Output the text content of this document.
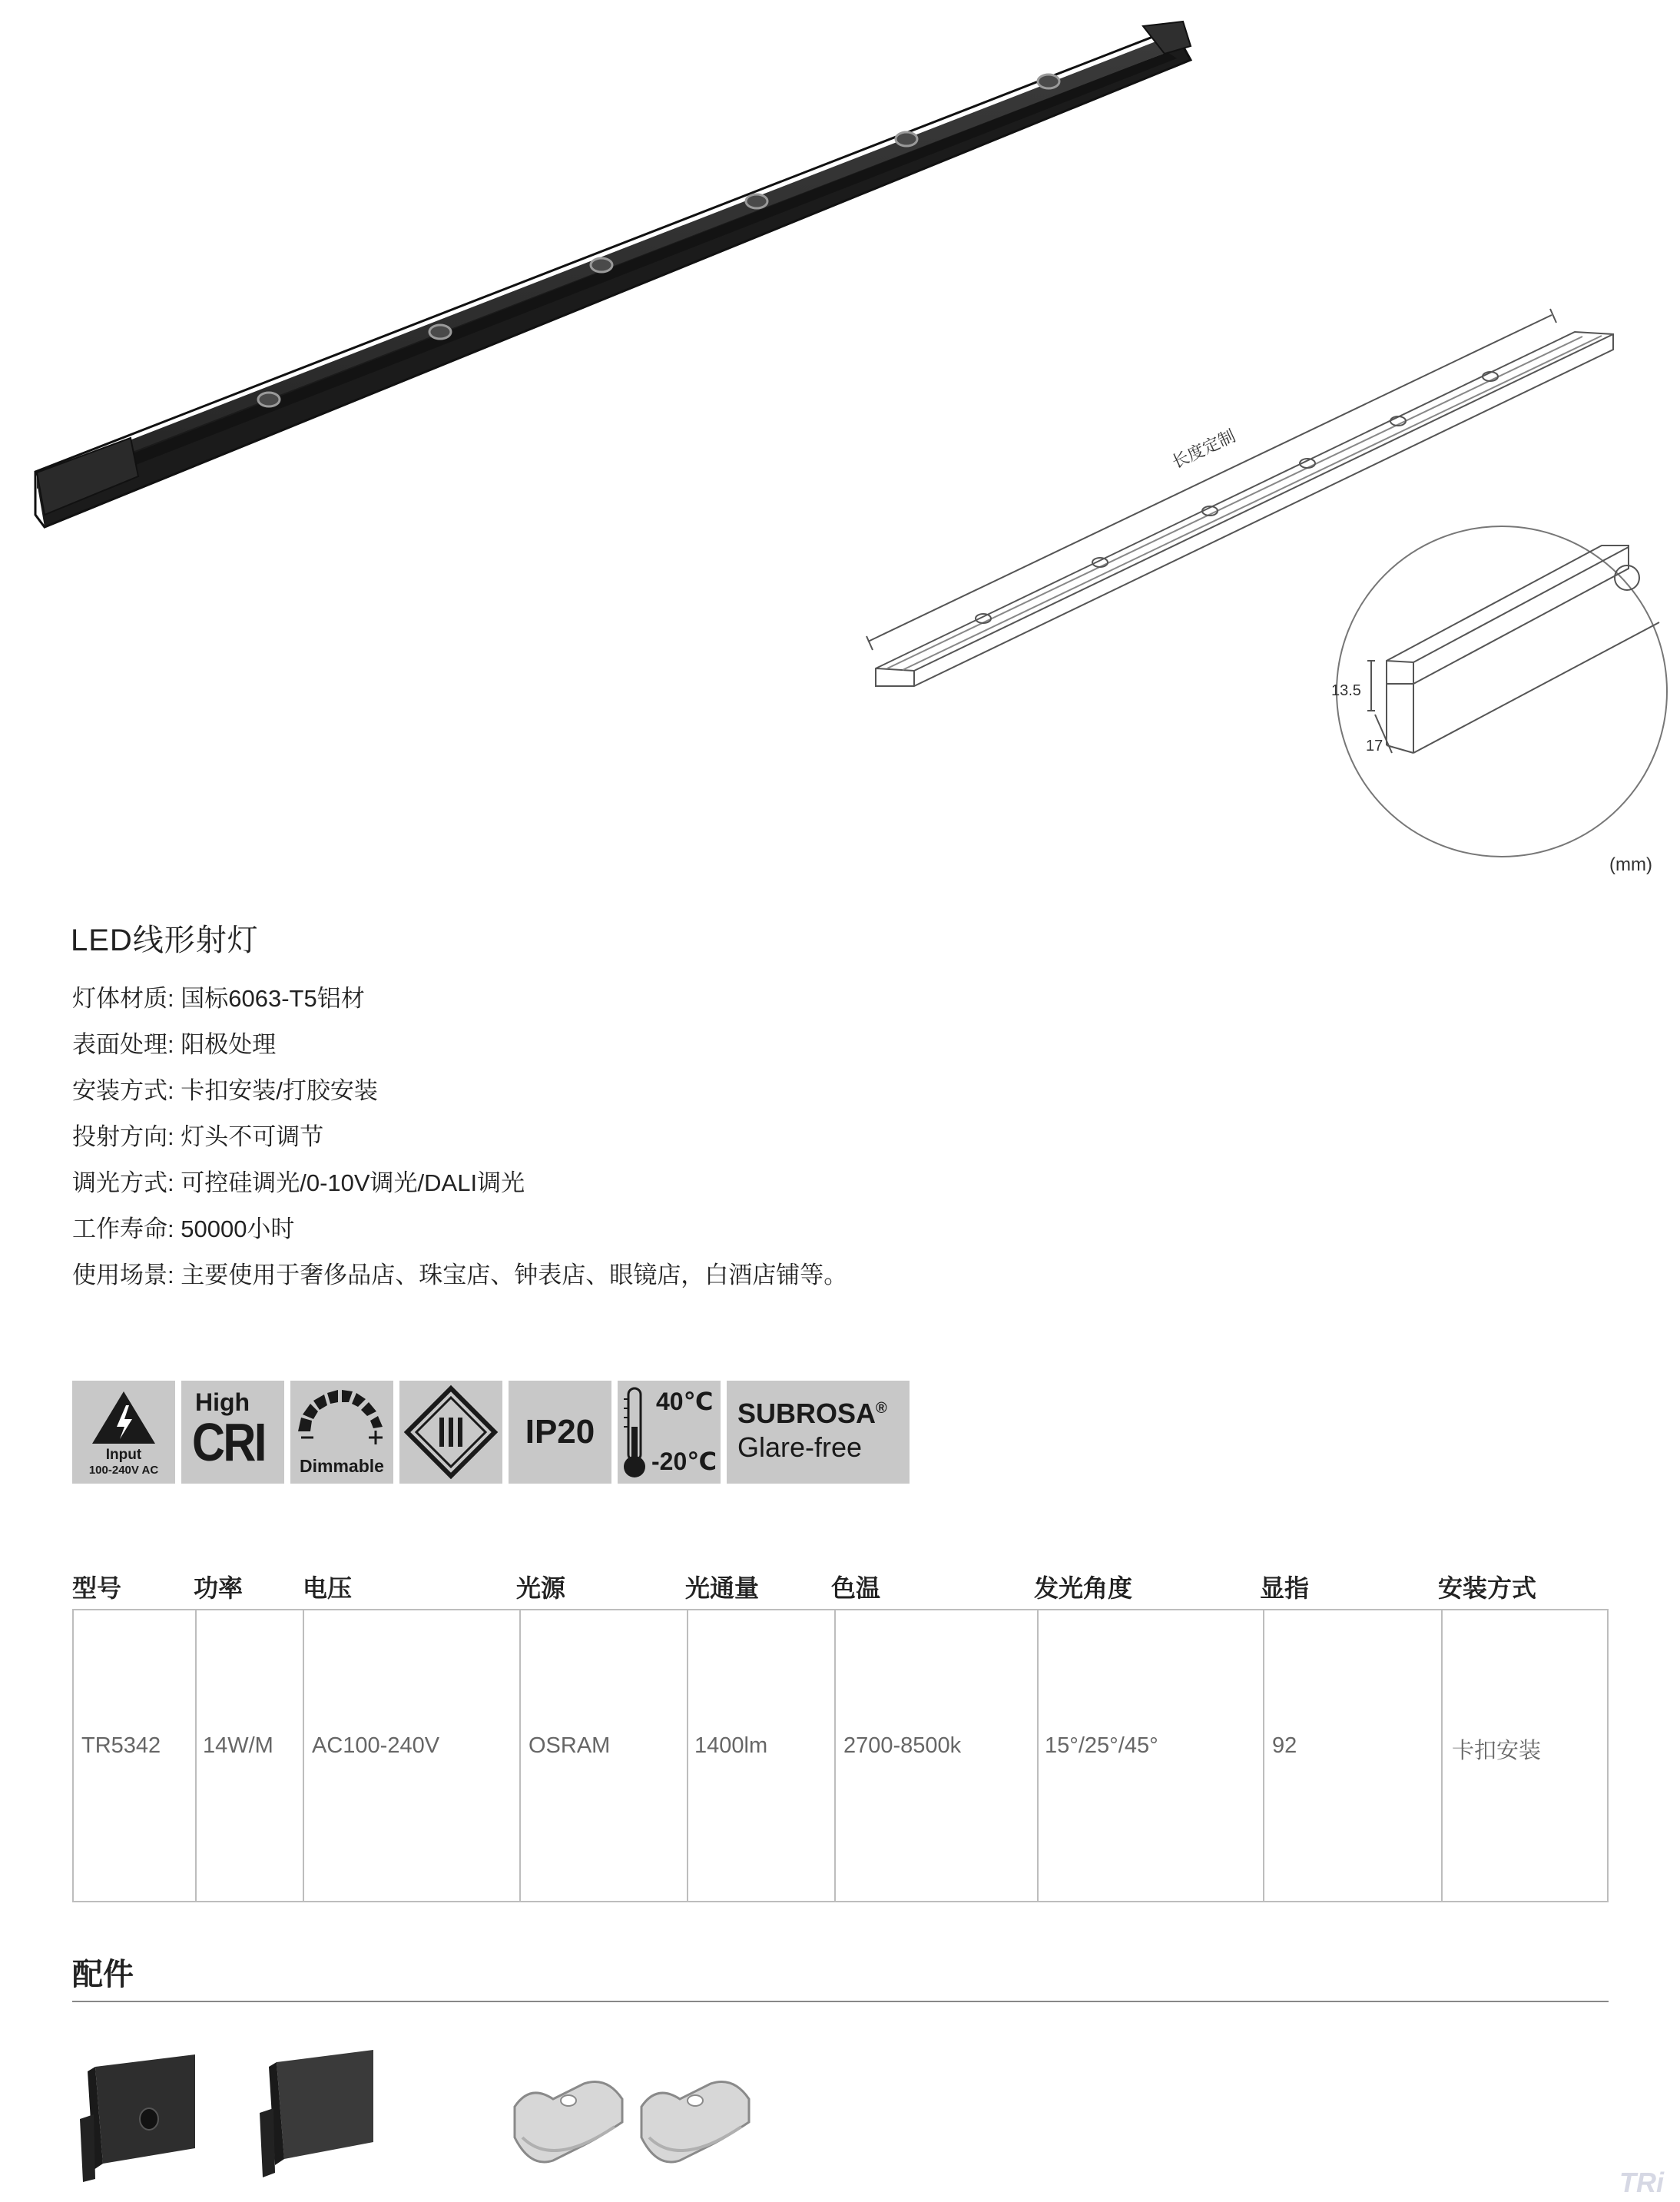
长度定制
13.5
17
(mm)
LED线形射灯
灯体材质: 国标6063-T5铝材
表面处理: 阳极处理
安装方式: 卡扣安装/打胶安装
投射方向: 灯头不可调节
调光方式: 可控硅调光/0-10V调光/DALI调光
工作寿命: 50000小时
使用场景: 主要使用于奢侈品店、珠宝店、钟表店、眼镜店，白酒店铺等。
Input
100-240V AC
High
CRI	Dimmable
IP20
40℃
-20℃
SUBROSA®
Glare-free
型号	功率 电压	光源	光通量	色温	发光角度	显指	安装方式
TR5342 14W/M AC100-240V	OSRAM	1400lm	2700-8500k	15°/25°/45°	92	卡扣安装
配件
TRi
